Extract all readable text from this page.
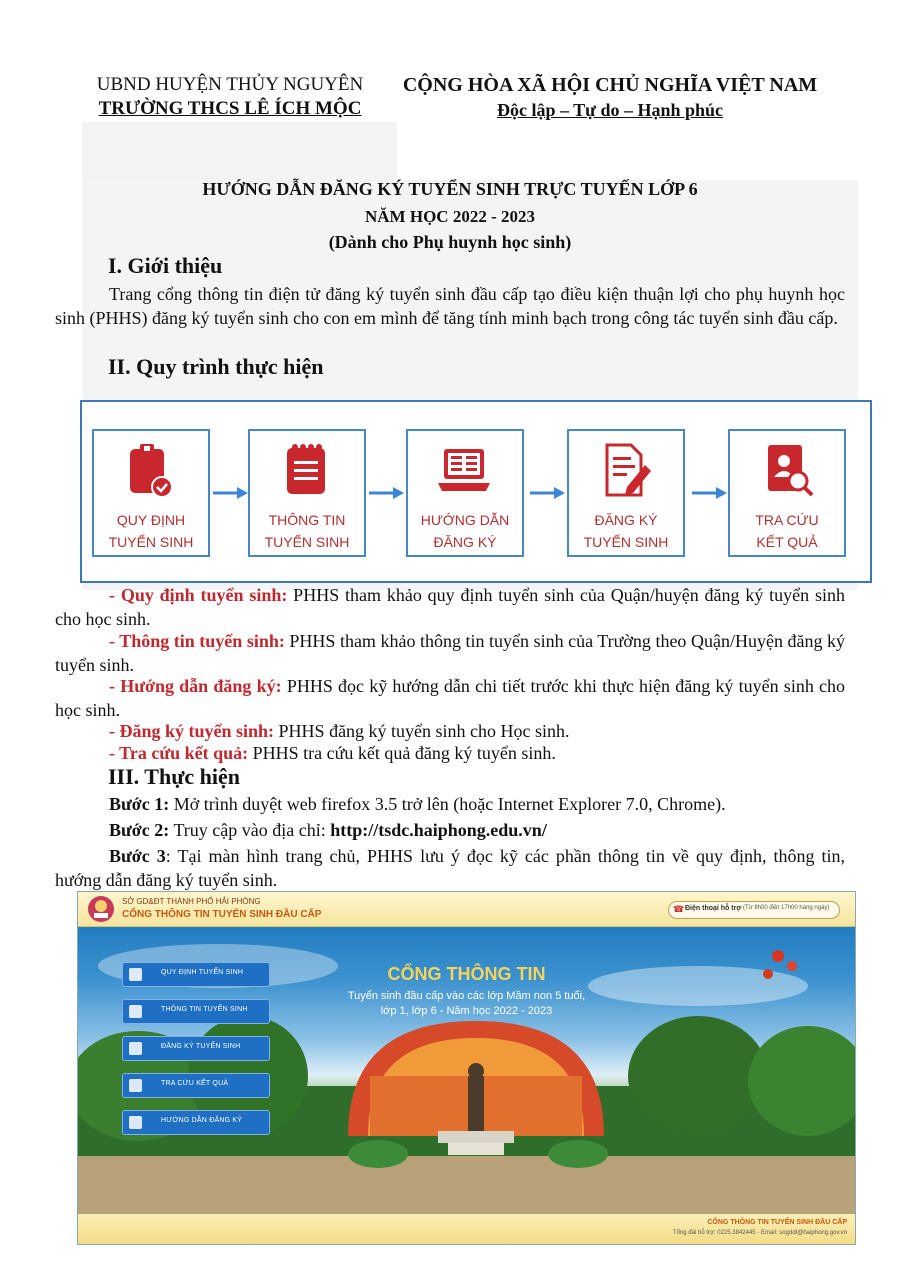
UBND HUYỆN THỦY NGUYÊN
TRƯỜNG THCS LÊ ÍCH MỘC
CỘNG HÒA XÃ HỘI CHỦ NGHĨA VIỆT NAM
Độc lập – Tự do – Hạnh phúc
HƯỚNG DẪN ĐĂNG KÝ TUYỂN SINH TRỰC TUYẾN LỚP 6
NĂM HỌC 2022 - 2023
(Dành cho Phụ huynh học sinh)
I. Giới thiệu
Trang cổng thông tin điện tử đăng ký tuyển sinh đầu cấp tạo điều kiện thuận lợi cho phụ huynh học sinh (PHHS) đăng ký tuyển sinh cho con em mình để tăng tính minh bạch trong công tác tuyển sinh đầu cấp.
II. Quy trình thực hiện
QUY ĐỊNH
TUYỂN SINH
THÔNG TIN
TUYỂN SINH
HƯỚNG DẪN
ĐĂNG KÝ
ĐĂNG KÝ
TUYỂN SINH
TRA CỨU
KẾT QUẢ
- Quy định tuyển sinh: PHHS tham khảo quy định tuyển sinh của Quận/huyện đăng ký tuyển sinh cho học sinh.
- Thông tin tuyển sinh: PHHS tham khảo thông tin tuyển sinh của Trường theo Quận/Huyện đăng ký tuyển sinh.
- Hướng dẫn đăng ký: PHHS đọc kỹ hướng dẫn chi tiết trước khi thực hiện đăng ký tuyển sinh cho học sinh.
- Đăng ký tuyển sinh: PHHS đăng ký tuyển sinh cho Học sinh.
- Tra cứu kết quả: PHHS tra cứu kết quả đăng ký tuyển sinh.
III. Thực hiện
Bước 1: Mở trình duyệt web firefox 3.5 trở lên (hoặc Internet Explorer 7.0, Chrome).
Bước 2: Truy cập vào địa chỉ: http://tsdc.haiphong.edu.vn/
Bước 3: Tại màn hình trang chủ, PHHS lưu ý đọc kỹ các phần thông tin về quy định, thông tin, hướng dẫn đăng ký tuyển sinh.
SỞ GD&ĐT THÀNH PHỐ HẢI PHÒNG
CỔNG THÔNG TIN TUYỂN SINH ĐẦU CẤP	☎ Điện thoại hỗ trợ (Từ 8h00 đến 17h00 hàng ngày)
CỔNG THÔNG TIN
Tuyển sinh đầu cấp vào các lớp Mầm non 5 tuổi,
lớp 1, lớp 6 - Năm học 2022 - 2023
QUY ĐỊNH TUYỂN SINH
THÔNG TIN TUYỂN SINH
ĐĂNG KÝ TUYỂN SINH
TRA CỨU KẾT QUẢ
HƯỚNG DẪN ĐĂNG KÝ
CỔNG THÔNG TIN TUYỂN SINH ĐẦU CẤP
Tổng đài hỗ trợ: 0225.3842445 · Email: sogddt@haiphong.gov.vn
